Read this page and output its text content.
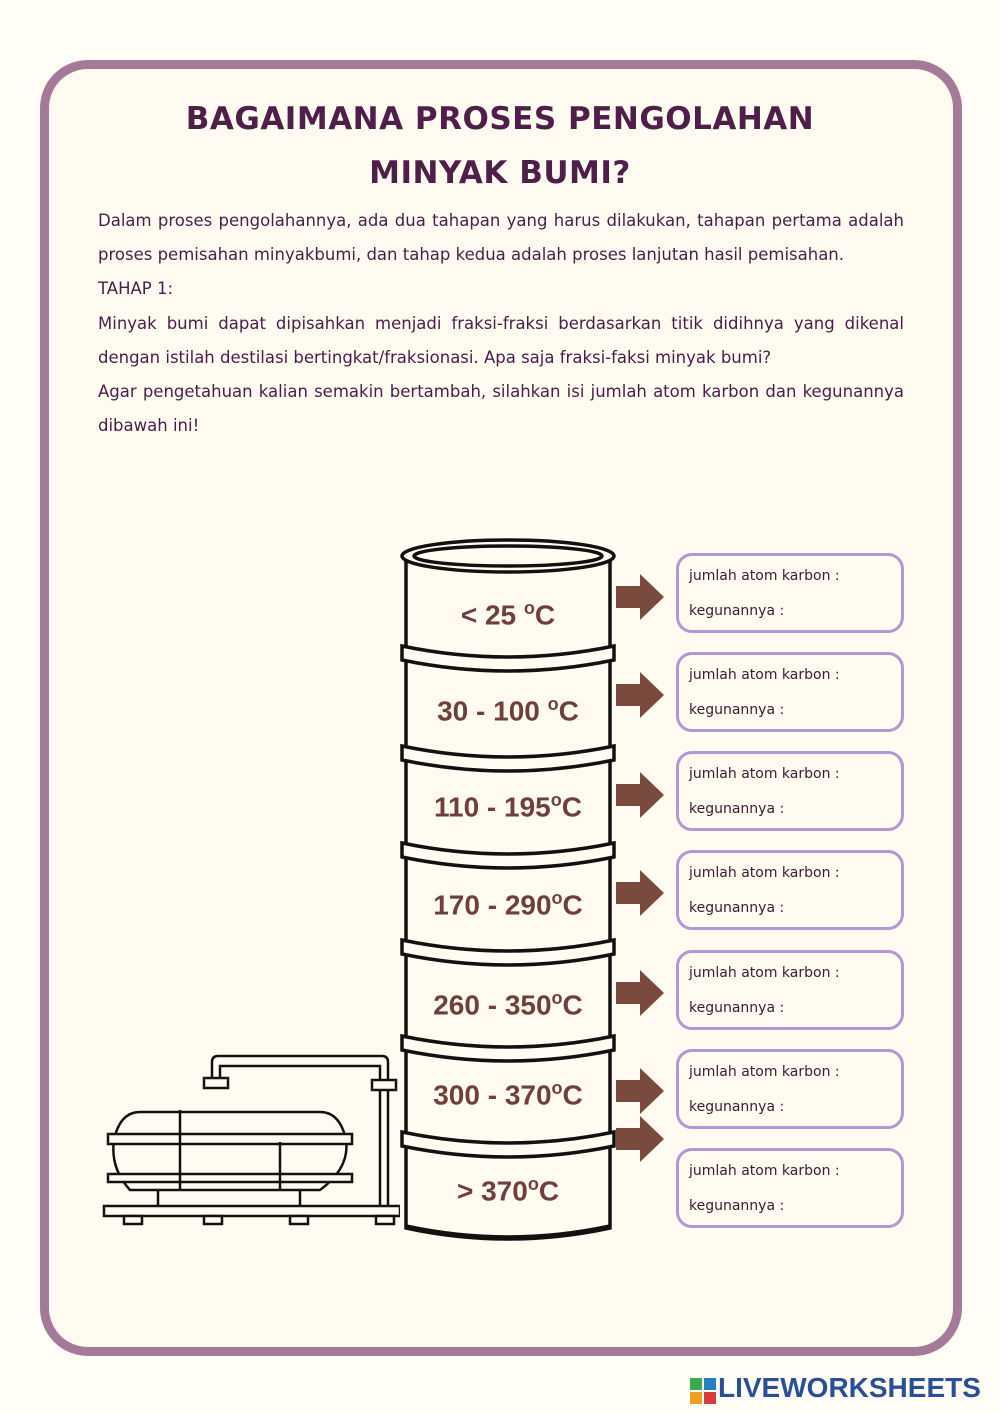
BAGAIMANA PROSES PENGOLAHAN
MINYAK BUMI?

Dalam proses pengolahannya, ada dua tahapan yang harus dilakukan, tahapan pertama adalah proses pemisahan minyakbumi, dan tahap kedua adalah proses lanjutan hasil pemisahan.

TAHAP 1:

Minyak bumi dapat dipisahkan menjadi fraksi-fraksi berdasarkan titik didihnya yang dikenal dengan istilah destilasi bertingkat/fraksionasi. Apa saja fraksi-faksi minyak bumi?

Agar pengetahuan kalian semakin bertambah, silahkan isi jumlah atom karbon dan kegunannya dibawah ini!

< 25 $^o$C
30 - 100 $^o$C
110 - 195$^o$C
170 - 290$^o$C
260 - 350$^o$C
$300 - 370^oC$
> $370^oC$
jumlah atom karbon :
kegunannya :
jumlah atom karbon :
kegunannya :
jumlah atom karbon :
kegunannya :
jumlah atom karbon :
kegunannya :
jumlah atom karbon :
kegunannya :
jumlah atom karbon :
kegunannya :
jumlah atom karbon :
kegunannya :
LIVEWORKSHEETS
